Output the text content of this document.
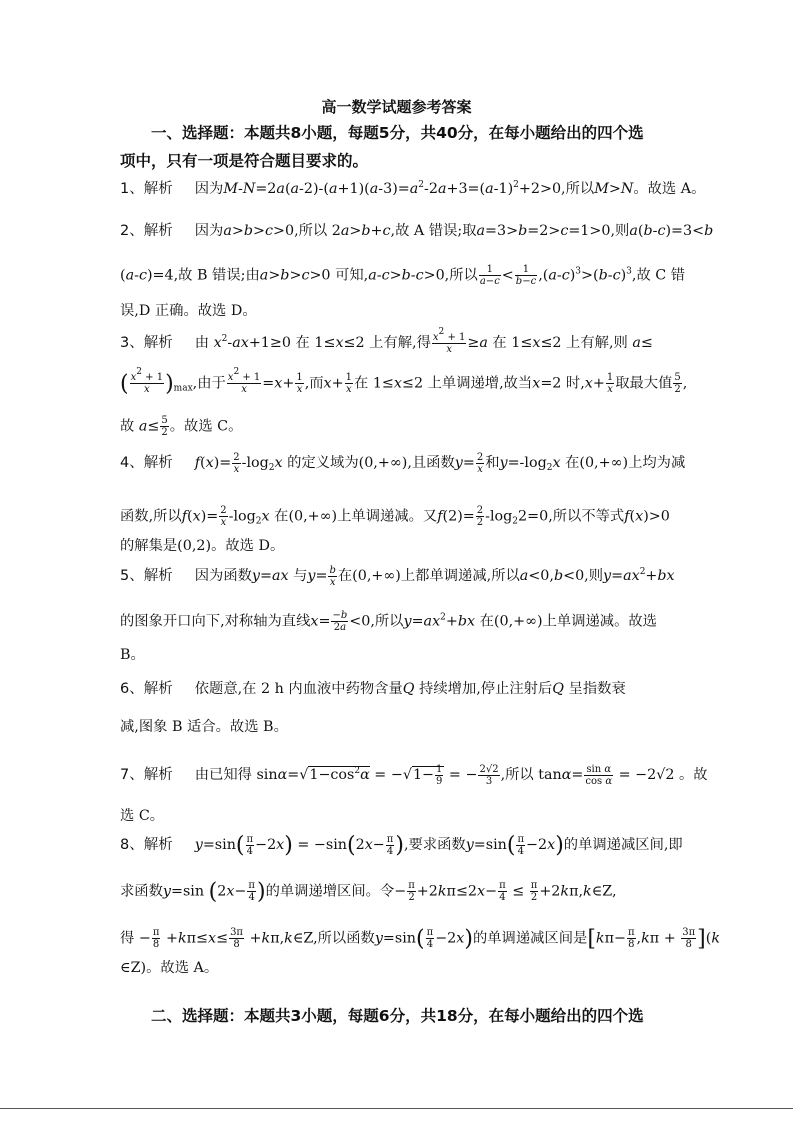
高一数学试题参考答案
一、选择题：本题共8小题，每题5分，共40分，在每小题给出的四个选
项中，只有一项是符合题目要求的。
1、解析 因为$M-N=2a(a-2)-(a+1)(a-3)=a^2-2a+3=(a-1)^2+2>0$,所以M>N。故选 A。
2、解析 因为a>b>c>0,所以 2a>b+c,故 A 错误;取a=3>b=2>c=1>0,则a(b-c)=3<b
(a-c)=4,故 B 错误;由a>b>c>0 可知,a-c>b-c>0,所以 $\frac{1}{a-c} < \frac{1}{b-c} ,(a-c)^3>(b-c)^3$,故 C 错
误,D 正确。故选 D。
3、解析 由 $x^2-ax+1\ge 0$ 在 1≤x≤2 上有解,得 $\frac{x^2 + 1}{x} \ge a$ 在 1≤x≤2 上有解,则 a≤
( $\frac{x^2 + 1}{x} )_{max}$,由于 $\frac{x^2 + 1}{x} =x+ \frac{1}{x}$ ,而$x+ \frac{1}{x}$ 在 1≤x≤2 上单调递增,故当x=2 时$,x+ \frac{1}{x}$ 取最大值 $\frac{5}{2}$ ,
故 $a\le \frac{5}{2}$ 。故选 C。
4、解析 $f(x)= \frac{2}{x} -\log_2x$ 的定义域为(0,+∞),且函数$y= \frac{2}{x}$ 和$y=-\log_2x$ 在(0,+∞)上均为减
函数,所以$f(x)= \frac{2}{x} -\log_2x$ 在(0,+∞)上单调递减。又$f(2)= \frac{2}{2} -\log_22=0$,所以不等式f(x)>0
的解集是(0,2)。故选 D。
5、解析 因为函数y=ax 与$y= \frac{b}{x}$ 在(0,+∞)上都单调递减,所以a<0,b<0,则$y=ax^2+bx$
的图象开口向下,对称轴为直线$x= \frac{-b}{2a} <0$,所以$y=ax^2+bx$ 在(0,+∞)上单调递减。故选
B。
6、解析 依题意,在 2 h 内血液中药物含量Q 持续增加,停止注射后Q 呈指数衰
减,图象 B 适合。故选 B。
7、解析 由已知得 $\sin\alpha=√1-\cos^2\alpha = -√1- \frac{1}{9}$ = − $\frac{2√2}{3}$ ,所以 $\tan\alpha= \frac{\text{sin α}}{\text{cos α}} = -2√2$ 。故
选 C。
8、解析 $y=\sin( \frac{\pi}{4} -2x) = -\sin(2x- \frac{\pi}{4}$ ),要求函数$y=\sin( \frac{\pi}{4} -2x)$的单调递减区间,即
求函数y=sin ($2x- \frac{\pi}{4}$ )的单调递增区间。令− $\frac{\pi}{2} +2k\pi\le 2x- \frac{\pi}{4} \le \frac{\pi}{2}$ +2kπ,k∈Z,
得 − $\frac{\pi}{8} +k\pi\le x\le \frac{3\pi}{8}$ +kπ,k∈Z,所以函数$y=\sin( \frac{\pi}{4} -2x)$的单调递减区间是$[k\pi- \frac{\pi}{8} ,k\pi + \frac{3\pi}{8} ](k$
∈Z)。故选 A。
二、选择题：本题共3小题，每题6分，共18分，在每小题给出的四个选
